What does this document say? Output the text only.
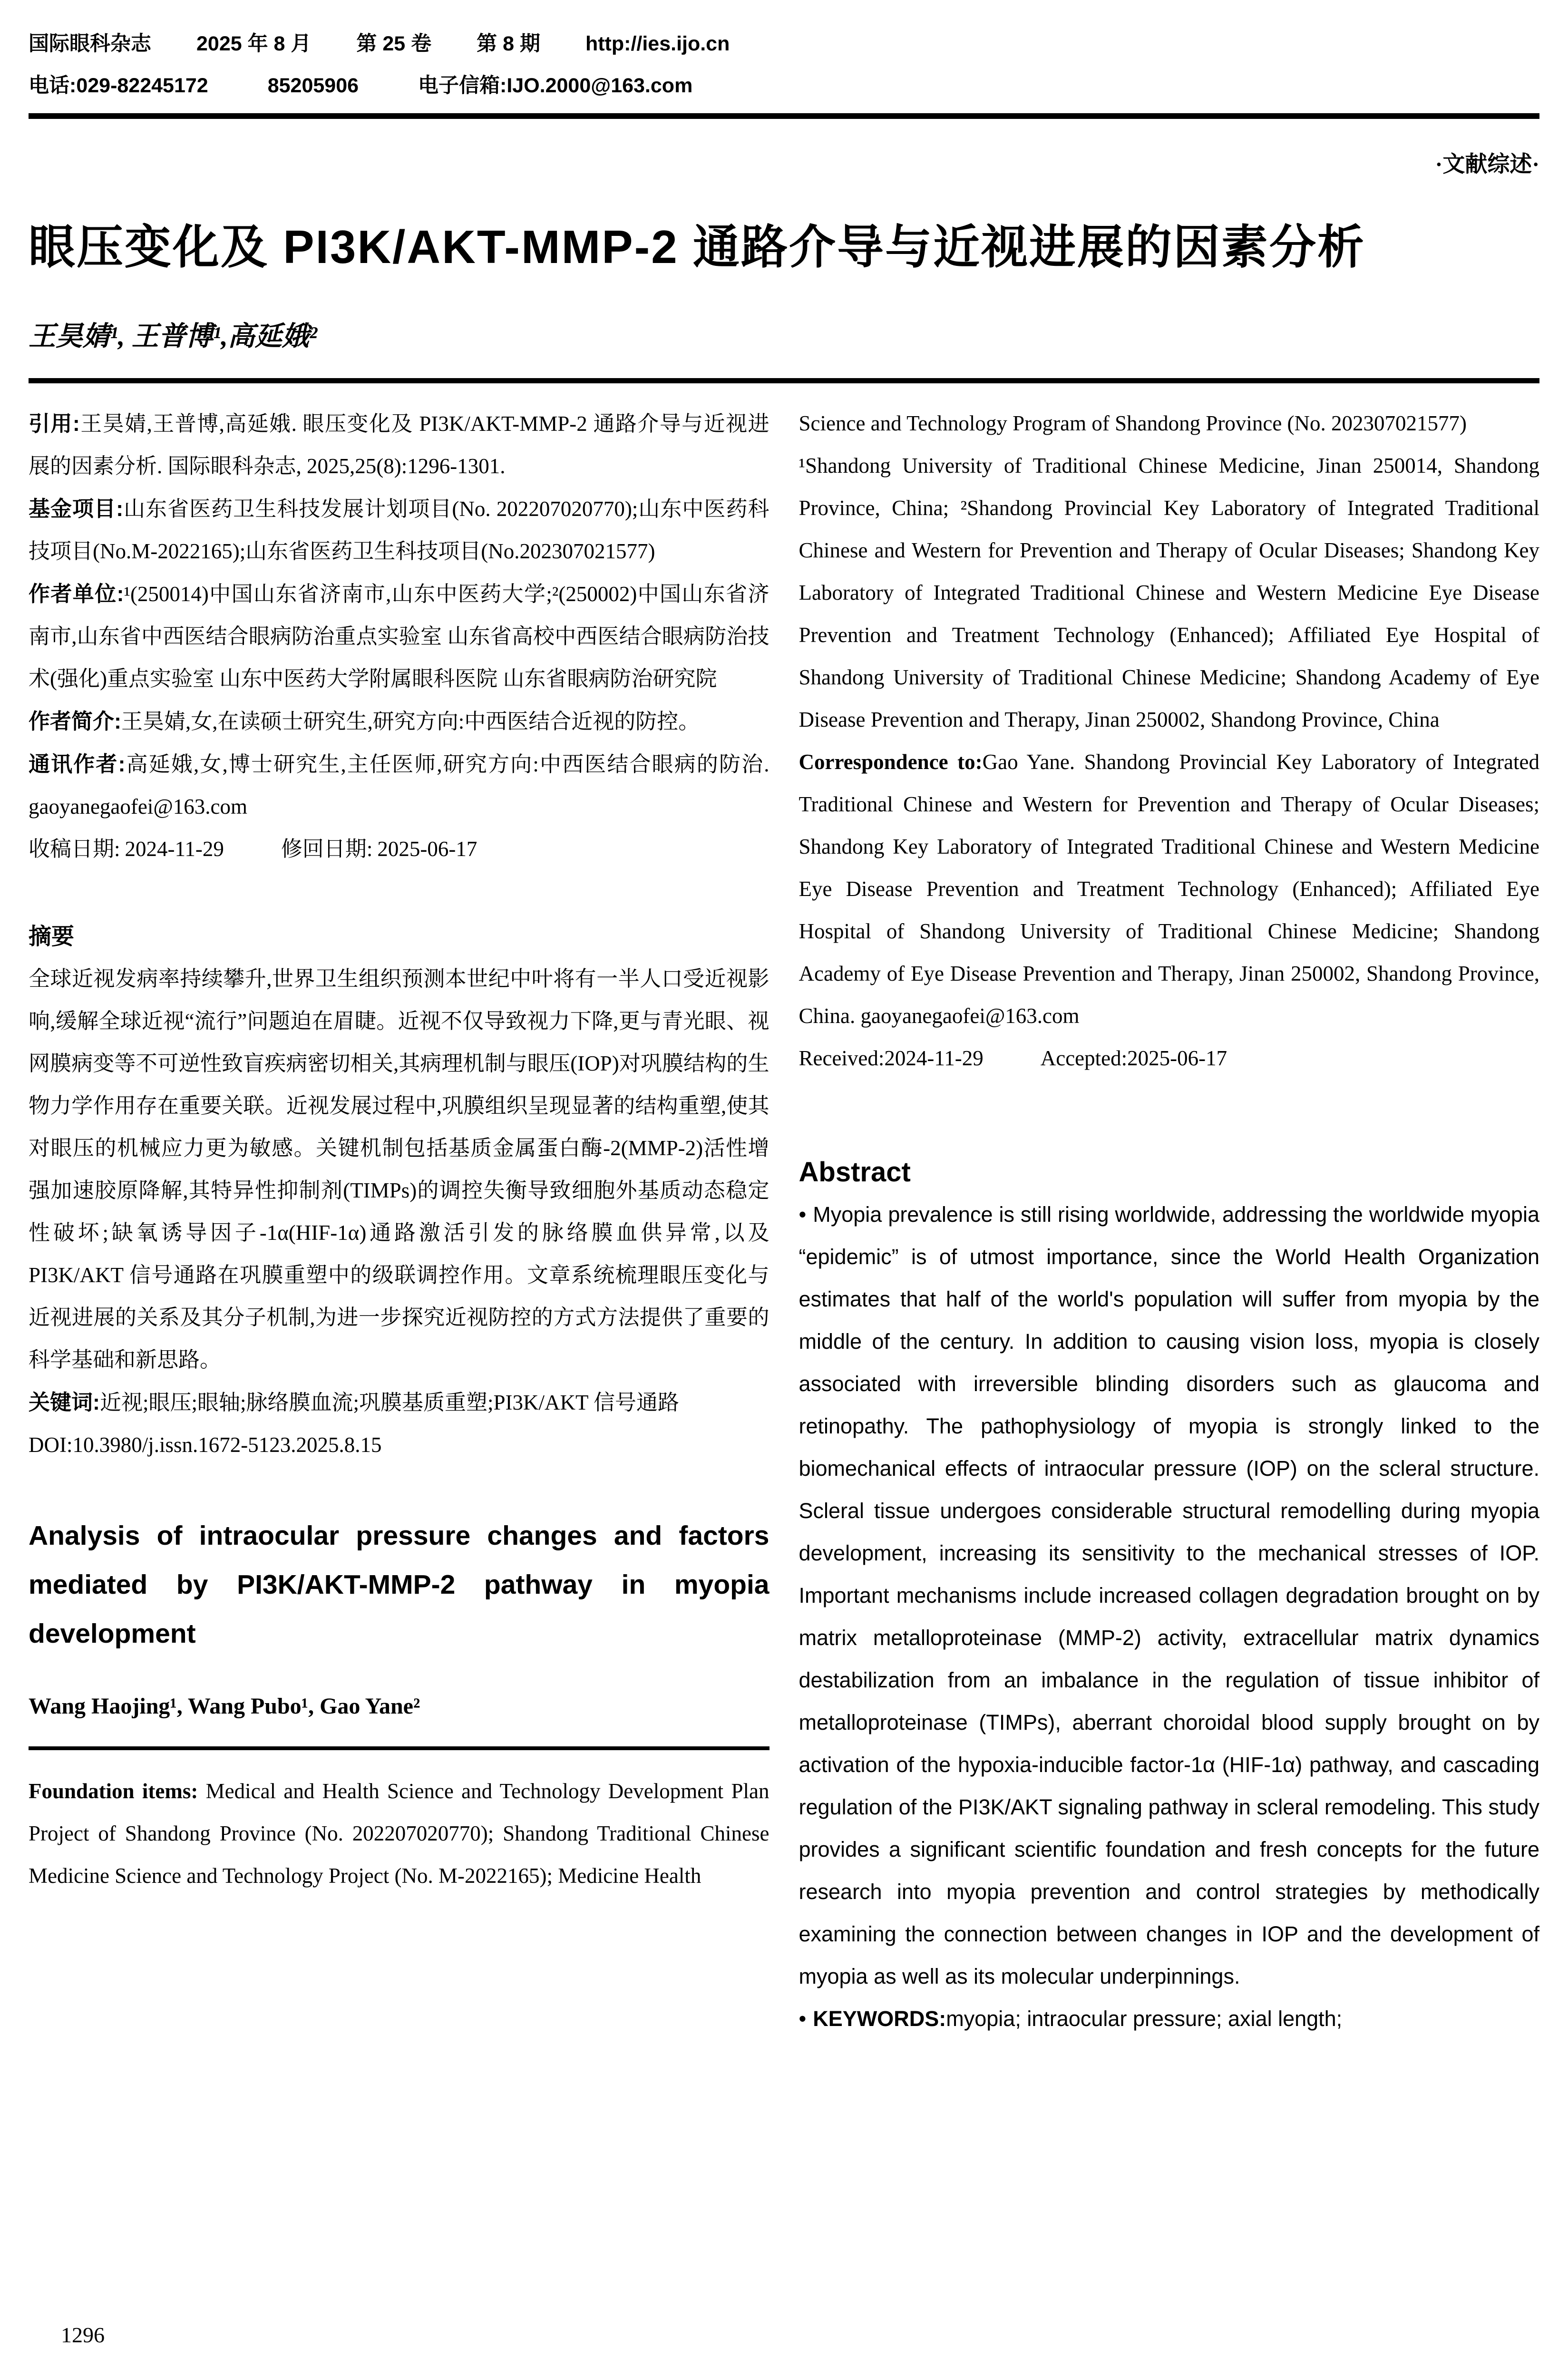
国际眼科杂志 2025 年 8 月 第 25 卷 第 8 期 http://ies.ijo.cn
电话:029-82245172	85205906	电子信箱:IJO.2000@163.com
·文献综述·
眼压变化及 PI3K/AKT-MMP-2 通路介导与近视进展的因素分析
王昊婧¹, 王普博¹,高延娥²

引用:王昊婧,王普博,高延娥. 眼压变化及 PI3K/AKT-MMP-2 通路介导与近视进展的因素分析. 国际眼科杂志, 2025,25(8):1296-1301.

基金项目:山东省医药卫生科技发展计划项目(No. 202207020770);山东中医药科技项目(No.M-2022165);山东省医药卫生科技项目(No.202307021577)

作者单位:¹(250014)中国山东省济南市,山东中医药大学;²(250002)中国山东省济南市,山东省中西医结合眼病防治重点实验室 山东省高校中西医结合眼病防治技术(强化)重点实验室 山东中医药大学附属眼科医院 山东省眼病防治研究院

作者简介:王昊婧,女,在读硕士研究生,研究方向:中西医结合近视的防控。

通讯作者:高延娥,女,博士研究生,主任医师,研究方向:中西医结合眼病的防治. gaoyanegaofei@163.com

收稿日期: 2024-11-29	修回日期: 2025-06-17

摘要

全球近视发病率持续攀升,世界卫生组织预测本世纪中叶将有一半人口受近视影响,缓解全球近视“流行”问题迫在眉睫。近视不仅导致视力下降,更与青光眼、视网膜病变等不可逆性致盲疾病密切相关,其病理机制与眼压(IOP)对巩膜结构的生物力学作用存在重要关联。近视发展过程中,巩膜组织呈现显著的结构重塑,使其对眼压的机械应力更为敏感。关键机制包括基质金属蛋白酶-2(MMP-2)活性增强加速胶原降解,其特异性抑制剂(TIMPs)的调控失衡导致细胞外基质动态稳定性破坏;缺氧诱导因子-1α(HIF-1α)通路激活引发的脉络膜血供异常,以及 PI3K/AKT 信号通路在巩膜重塑中的级联调控作用。文章系统梳理眼压变化与近视进展的关系及其分子机制,为进一步探究近视防控的方式方法提供了重要的科学基础和新思路。

关键词:近视;眼压;眼轴;脉络膜血流;巩膜基质重塑;PI3K/AKT 信号通路

DOI:10.3980/j.issn.1672-5123.2025.8.15

Analysis of intraocular pressure changes and factors mediated by PI3K/AKT-MMP-2 pathway in myopia development

Wang Haojing¹, Wang Pubo¹, Gao Yane²

Foundation items: Medical and Health Science and Technology Development Plan Project of Shandong Province (No. 202207020770); Shandong Traditional Chinese Medicine Science and Technology Project (No. M-2022165); Medicine Health

Science and Technology Program of Shandong Province (No. 202307021577)

¹Shandong University of Traditional Chinese Medicine, Jinan 250014, Shandong Province, China; ²Shandong Provincial Key Laboratory of Integrated Traditional Chinese and Western for Prevention and Therapy of Ocular Diseases; Shandong Key Laboratory of Integrated Traditional Chinese and Western Medicine Eye Disease Prevention and Treatment Technology (Enhanced); Affiliated Eye Hospital of Shandong University of Traditional Chinese Medicine; Shandong Academy of Eye Disease Prevention and Therapy, Jinan 250002, Shandong Province, China

Correspondence to:Gao Yane. Shandong Provincial Key Laboratory of Integrated Traditional Chinese and Western for Prevention and Therapy of Ocular Diseases; Shandong Key Laboratory of Integrated Traditional Chinese and Western Medicine Eye Disease Prevention and Treatment Technology (Enhanced); Affiliated Eye Hospital of Shandong University of Traditional Chinese Medicine; Shandong Academy of Eye Disease Prevention and Therapy, Jinan 250002, Shandong Province, China. gaoyanegaofei@163.com

Received:2024-11-29	Accepted:2025-06-17

Abstract

• Myopia prevalence is still rising worldwide, addressing the worldwide myopia “epidemic” is of utmost importance, since the World Health Organization estimates that half of the world's population will suffer from myopia by the middle of the century. In addition to causing vision loss, myopia is closely associated with irreversible blinding disorders such as glaucoma and retinopathy. The pathophysiology of myopia is strongly linked to the biomechanical effects of intraocular pressure (IOP) on the scleral structure. Scleral tissue undergoes considerable structural remodelling during myopia development, increasing its sensitivity to the mechanical stresses of IOP. Important mechanisms include increased collagen degradation brought on by matrix metalloproteinase (MMP-2) activity, extracellular matrix dynamics destabilization from an imbalance in the regulation of tissue inhibitor of metalloproteinase (TIMPs), aberrant choroidal blood supply brought on by activation of the hypoxia-inducible factor-1α (HIF-1α) pathway, and cascading regulation of the PI3K/AKT signaling pathway in scleral remodeling. This study provides a significant scientific foundation and fresh concepts for the future research into myopia prevention and control strategies by methodically examining the connection between changes in IOP and the development of myopia as well as its molecular underpinnings.

• KEYWORDS:myopia; intraocular pressure; axial length;

1296
